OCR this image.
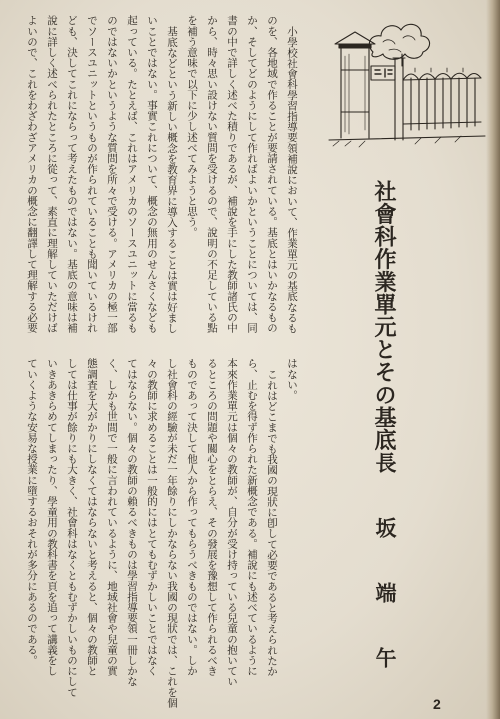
小學校社會科學習指導要領補說において、作業單元の基底なるも
のを、各地域で作ることが要請されている。基底とはいかなるもの
か、そしてどのようにして作ればよいかということについては、同
書の中で詳しく述べた積りであるが、補說を手にした教師諸氏の中
から、時々思い設けない質問を受けるので、說明の不足している點
を補う意味で以下に少し述べてみようと思う。
基底などという新しい概念を教育界に導入することは實は好まし
いことではない。事實これについて、概念の無用のせんさくなども
起っている。たとえば、これはアメリカのソースユニットに當るも
のではないかというような質問を所々で受ける。アメリカの極一部
でソースユニットというものが作られていることも聞いているけれ
ども、決してこれにならって考えたものではない。基底の意味は補
說に詳しく述べられたところに從って、素直に理解していただけば
よいので、これをわざわざアメリカの概念に翻譯して理解する必要	社會科作業單元とその基底
長坂端午
はない。
これはどこまでも我國の現狀に卽して必要であると考えられたか
ら、止むを得ず作られた新概念である。補說にも述べているように
本來作業單元は個々の教師が、自分が受け持っている兒童の抱いてい
るところの問題や關心をとらえ、その發展を豫想して作られるべき
ものであって決して他人から作ってもらうべきものではない。しか
し社會科の經驗が未だ一年餘りにしかならない我國の現狀では、これを個
々の教師に求めることは一般的にはとてもむずかしいことではなく
てはならない。個々の教師の賴るべきものは學習指導要領一冊しかな
く、しかも世間で一般に言われているように、地域社會や兒童の實
態調査を大がかりにしなくてはならないと考えると、個々の教師と
しては仕事が餘りにも大きく、社會科はなくともむずかしいものにして
いきあきらめてしまったり、學童用の教科書を頁を追って講義をし
ていくような安易な授業に墮するおそれが多分にあるのである。
2
